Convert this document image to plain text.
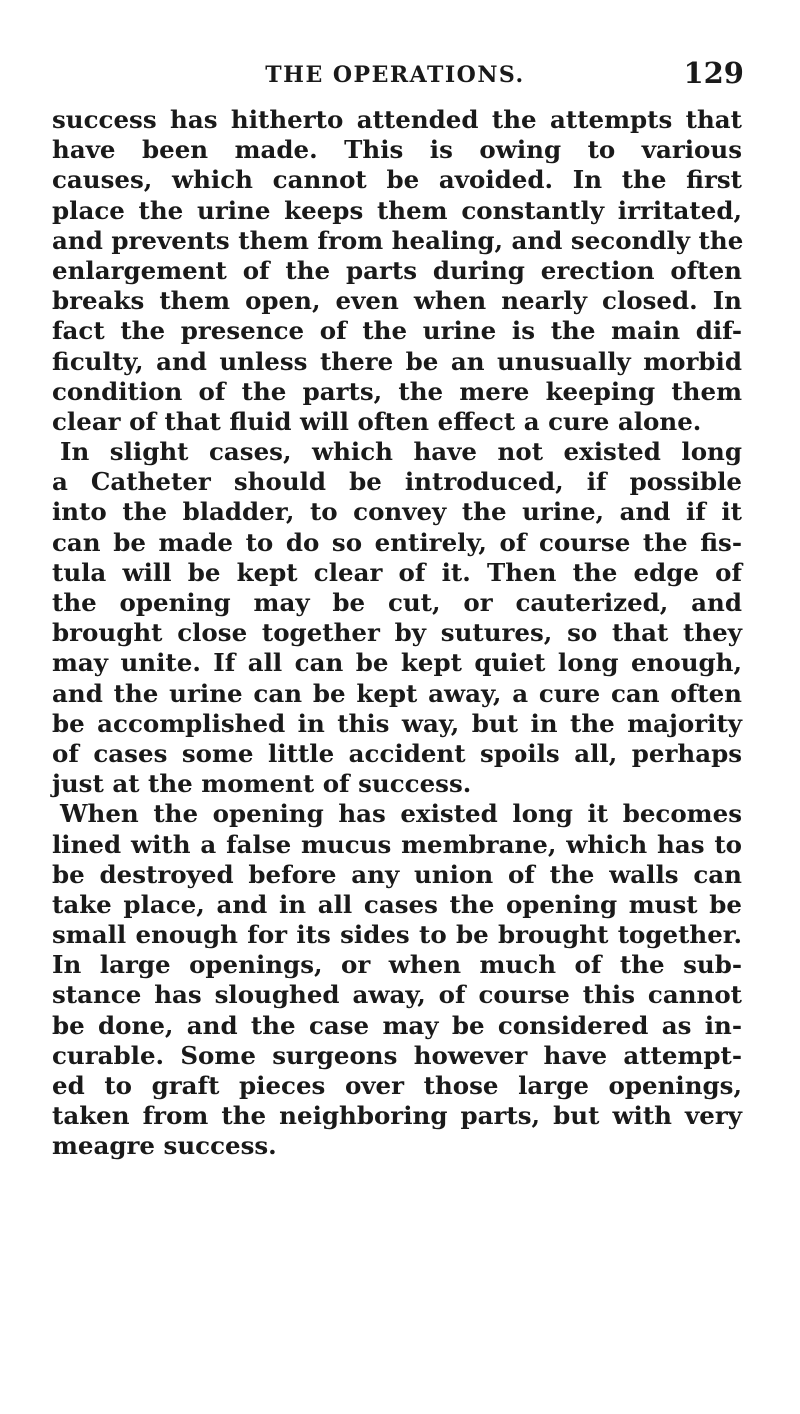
THE OPERATIONS.	129
success has hitherto attended the attempts that
have been made. This is owing to various
causes, which cannot be avoided. In the first
place the urine keeps them constantly irritated,
and prevents them from healing, and secondly the
enlargement of the parts during erection often
breaks them open, even when nearly closed. In
fact the presence of the urine is the main dif-
ficulty, and unless there be an unusually morbid
condition of the parts, the mere keeping them
clear of that fluid will often effect a cure alone.
In slight cases, which have not existed long
a Catheter should be introduced, if possible
into the bladder, to convey the urine, and if it
can be made to do so entirely, of course the fis-
tula will be kept clear of it. Then the edge of
the opening may be cut, or cauterized, and
brought close together by sutures, so that they
may unite. If all can be kept quiet long enough,
and the urine can be kept away, a cure can often
be accomplished in this way, but in the majority
of cases some little accident spoils all, perhaps
just at the moment of success.
When the opening has existed long it becomes
lined with a false mucus membrane, which has to
be destroyed before any union of the walls can
take place, and in all cases the opening must be
small enough for its sides to be brought together.
In large openings, or when much of the sub-
stance has sloughed away, of course this cannot
be done, and the case may be considered as in-
curable. Some surgeons however have attempt-
ed to graft pieces over those large openings,
taken from the neighboring parts, but with very
meagre success.
